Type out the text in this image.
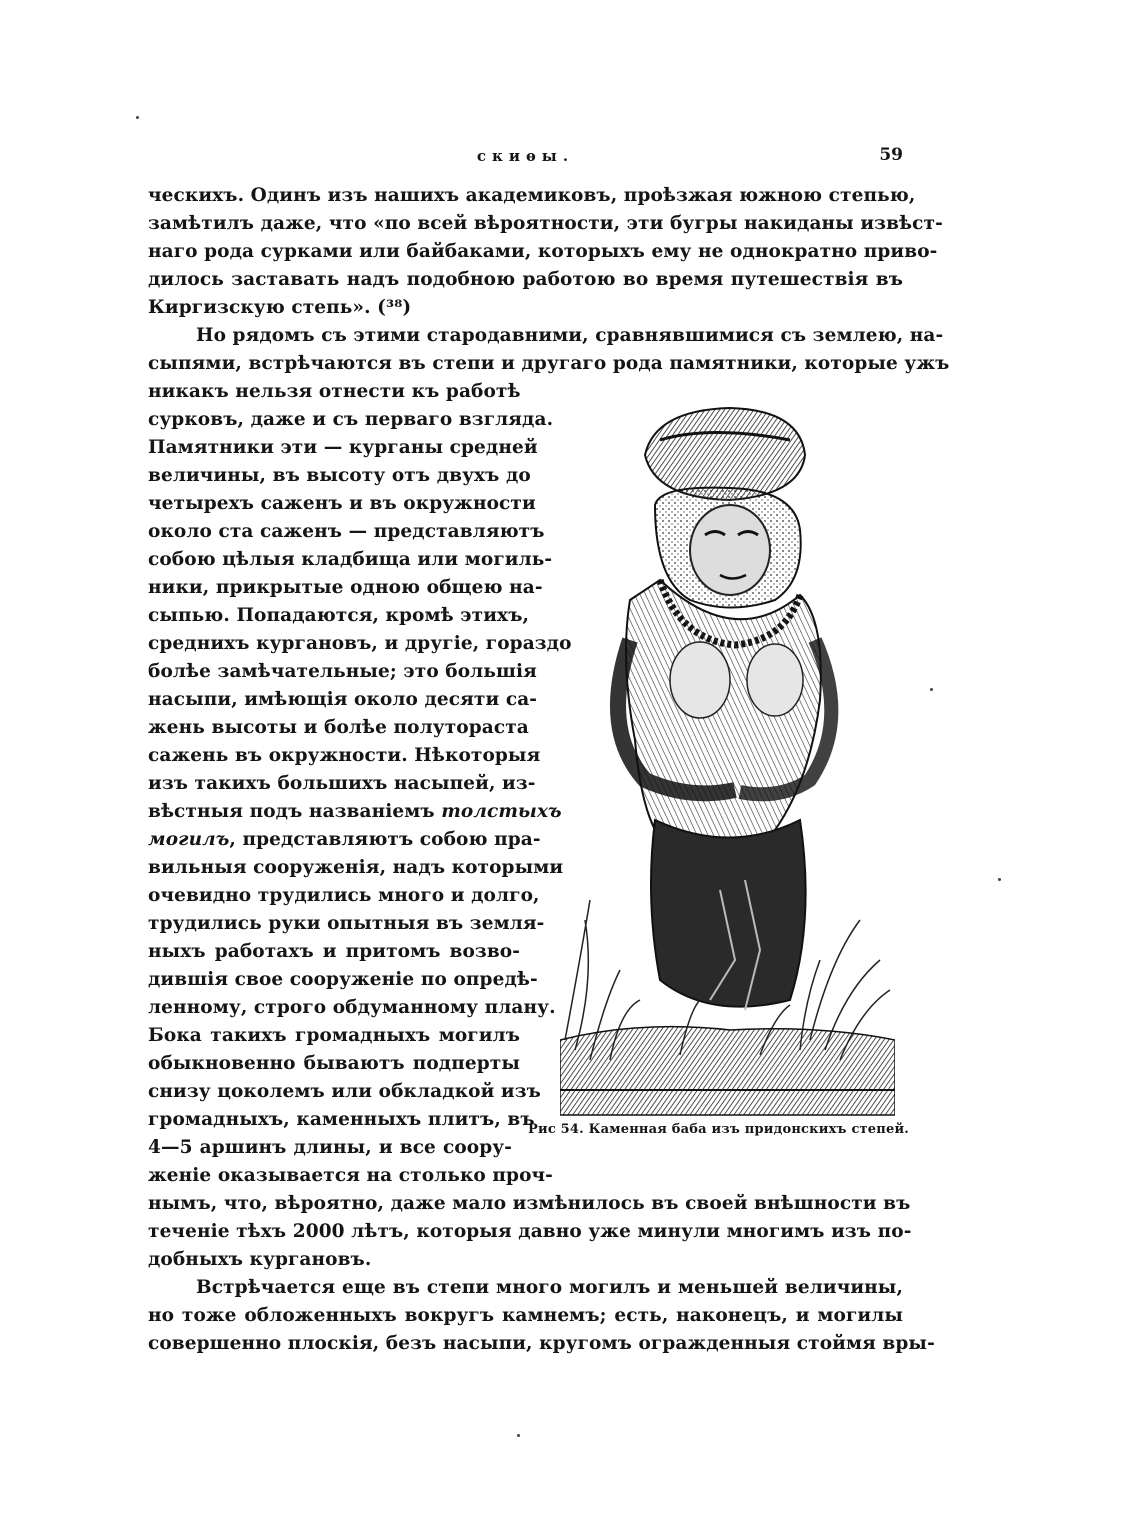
скиѳы.	59
ческихъ. Одинъ изъ нашихъ академиковъ, проѣзжая южною степью,
замѣтилъ даже, что «по всей вѣроятности, эти бугры накиданы извѣст-
наго рода сурками или байбаками, которыхъ ему не однократно приво-
дилось заставать надъ подобною работою во время путешествія въ
Киргизскую степь». (³⁸)
Но рядомъ съ этими стародавними, сравнявшимися съ землею, на-
сыпями, встрѣчаются въ степи и другаго рода памятники, которые ужъ
никакъ нельзя отнести къ работѣ
сурковъ, даже и съ перваго взгляда.
Памятники эти — курганы средней
величины, въ высоту отъ двухъ до
четырехъ саженъ и въ окружности
около ста саженъ — представляютъ
собою цѣлыя кладбища или могиль-
ники, прикрытые одною общею на-
сыпью. Попадаются, кромѣ этихъ,
среднихъ кургановъ, и другіе, гораздо
болѣе замѣчательные; это большія
насыпи, имѣющія около десяти са-
жень высоты и болѣе полутораста
сажень въ окружности. Нѣкоторыя
изъ такихъ большихъ насыпей, из-
вѣстныя подъ названіемъ толстыхъ
могилъ, представляютъ собою пра-
вильныя сооруженія, надъ которыми
очевидно трудились много и долго,
трудились руки опытныя въ земля-
ныхъ работахъ и притомъ возво-
дившія свое сооруженіе по опредѣ-
ленному, строго обдуманному плану.
Бока такихъ громадныхъ могилъ
обыкновенно бываютъ подперты
снизу цоколемъ или обкладкой изъ
громадныхъ, каменныхъ плитъ, въ
4—5 аршинъ длины, и все соору-
женіе оказывается на столько проч-
нымъ, что, вѣроятно, даже мало измѣнилось въ своей внѣшности въ
теченіе тѣхъ 2000 лѣтъ, которыя давно уже минули многимъ изъ по-
добныхъ кургановъ.
Встрѣчается еще въ степи много могилъ и меньшей величины,
но тоже обложенныхъ вокругъ камнемъ; есть, наконецъ, и могилы
совершенно плоскія, безъ насыпи, кругомъ огражденныя стоймя вры-
Рис 54. Каменная баба изъ придонскихъ степей.
